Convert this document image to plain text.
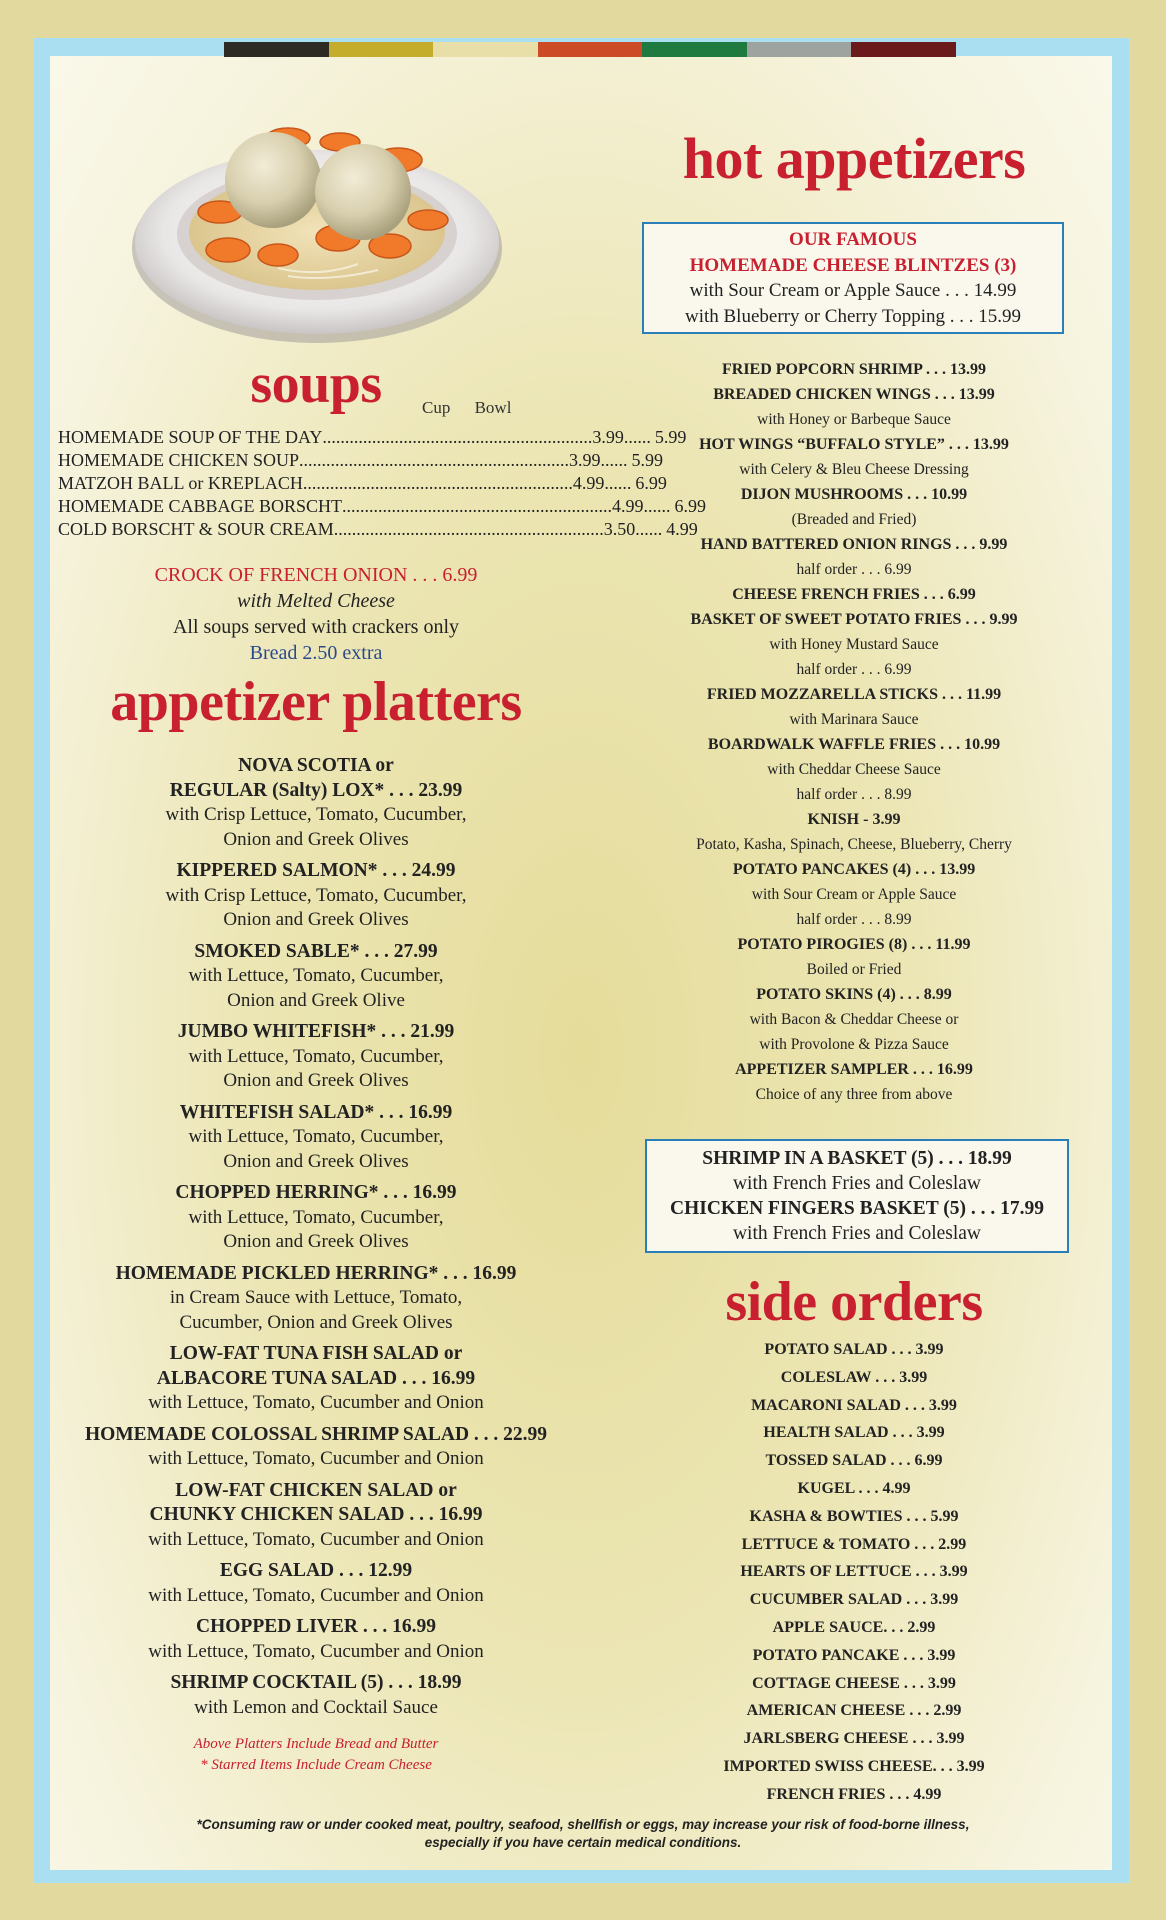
soups	Cup Bowl
HOMEMADE SOUP OF THE DAY ............................................................ 3.99 ...... 5.99
HOMEMADE CHICKEN SOUP ............................................................ 3.99 ...... 5.99
MATZOH BALL or KREPLACH ............................................................ 4.99 ...... 6.99
HOMEMADE CABBAGE BORSCHT ............................................................ 4.99 ...... 6.99
COLD BORSCHT & SOUR CREAM ............................................................ 3.50 ...... 4.99
CROCK OF FRENCH ONION . . . 6.99
with Melted Cheese
All soups served with crackers only
Bread 2.50 extra
appetizer platters
NOVA SCOTIA or
REGULAR (Salty) LOX* . . . 23.99
with Crisp Lettuce, Tomato, Cucumber,
Onion and Greek Olives
KIPPERED SALMON* . . . 24.99
with Crisp Lettuce, Tomato, Cucumber,
Onion and Greek Olives
SMOKED SABLE* . . . 27.99
with Lettuce, Tomato, Cucumber,
Onion and Greek Olive
JUMBO WHITEFISH* . . . 21.99
with Lettuce, Tomato, Cucumber,
Onion and Greek Olives
WHITEFISH SALAD* . . . 16.99
with Lettuce, Tomato, Cucumber,
Onion and Greek Olives
CHOPPED HERRING* . . . 16.99
with Lettuce, Tomato, Cucumber,
Onion and Greek Olives
HOMEMADE PICKLED HERRING* . . . 16.99
in Cream Sauce with Lettuce, Tomato,
Cucumber, Onion and Greek Olives
LOW-FAT TUNA FISH SALAD or
ALBACORE TUNA SALAD . . . 16.99
with Lettuce, Tomato, Cucumber and Onion
HOMEMADE COLOSSAL SHRIMP SALAD . . . 22.99
with Lettuce, Tomato, Cucumber and Onion
LOW-FAT CHICKEN SALAD or
CHUNKY CHICKEN SALAD . . . 16.99
with Lettuce, Tomato, Cucumber and Onion
EGG SALAD . . . 12.99
with Lettuce, Tomato, Cucumber and Onion
CHOPPED LIVER . . . 16.99
with Lettuce, Tomato, Cucumber and Onion
SHRIMP COCKTAIL (5) . . . 18.99
with Lemon and Cocktail Sauce
Above Platters Include Bread and Butter
* Starred Items Include Cream Cheese
hot appetizers
OUR FAMOUS
HOMEMADE CHEESE BLINTZES (3)
with Sour Cream or Apple Sauce . . . 14.99
with Blueberry or Cherry Topping . . . 15.99
FRIED POPCORN SHRIMP . . . 13.99
BREADED CHICKEN WINGS . . . 13.99
with Honey or Barbeque Sauce
HOT WINGS “BUFFALO STYLE” . . . 13.99
with Celery & Bleu Cheese Dressing
DIJON MUSHROOMS . . . 10.99
(Breaded and Fried)
HAND BATTERED ONION RINGS . . . 9.99
half order . . . 6.99
CHEESE FRENCH FRIES . . . 6.99
BASKET OF SWEET POTATO FRIES . . . 9.99
with Honey Mustard Sauce
half order . . . 6.99
FRIED MOZZARELLA STICKS . . . 11.99
with Marinara Sauce
BOARDWALK WAFFLE FRIES . . . 10.99
with Cheddar Cheese Sauce
half order . . . 8.99
KNISH - 3.99
Potato, Kasha, Spinach, Cheese, Blueberry, Cherry
POTATO PANCAKES (4) . . . 13.99
with Sour Cream or Apple Sauce
half order . . . 8.99
POTATO PIROGIES (8) . . . 11.99
Boiled or Fried
POTATO SKINS (4) . . . 8.99
with Bacon & Cheddar Cheese or
with Provolone & Pizza Sauce
APPETIZER SAMPLER . . . 16.99
Choice of any three from above
SHRIMP IN A BASKET (5) . . . 18.99
with French Fries and Coleslaw
CHICKEN FINGERS BASKET (5) . . . 17.99
with French Fries and Coleslaw
side orders
POTATO SALAD . . . 3.99
COLESLAW . . . 3.99
MACARONI SALAD . . . 3.99
HEALTH SALAD . . . 3.99
TOSSED SALAD . . . 6.99
KUGEL . . . 4.99
KASHA & BOWTIES . . . 5.99
LETTUCE & TOMATO . . . 2.99
HEARTS OF LETTUCE . . . 3.99
CUCUMBER SALAD . . . 3.99
APPLE SAUCE. . . 2.99
POTATO PANCAKE . . . 3.99
COTTAGE CHEESE . . . 3.99
AMERICAN CHEESE . . . 2.99
JARLSBERG CHEESE . . . 3.99
IMPORTED SWISS CHEESE. . . 3.99
FRENCH FRIES . . . 4.99
*Consuming raw or under cooked meat, poultry, seafood, shellfish or eggs, may increase your risk of food-borne illness,
especially if you have certain medical conditions.
